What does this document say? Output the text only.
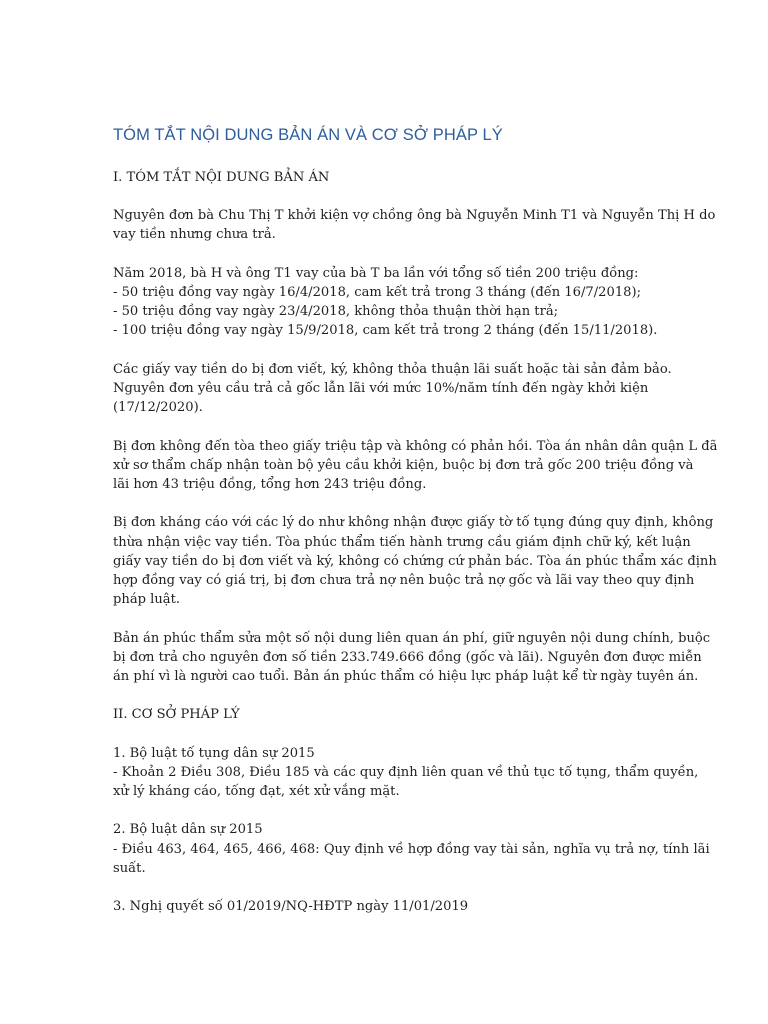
TÓM TẮT NỘI DUNG BẢN ÁN VÀ CƠ SỞ PHÁP LÝ
I. TÓM TẮT NỘI DUNG BẢN ÁN
Nguyên đơn bà Chu Thị T khởi kiện vợ chồng ông bà Nguyễn Minh T1 và Nguyễn Thị H do
vay tiền nhưng chưa trả.
Năm 2018, bà H và ông T1 vay của bà T ba lần với tổng số tiền 200 triệu đồng:
- 50 triệu đồng vay ngày 16/4/2018, cam kết trả trong 3 tháng (đến 16/7/2018);
- 50 triệu đồng vay ngày 23/4/2018, không thỏa thuận thời hạn trả;
- 100 triệu đồng vay ngày 15/9/2018, cam kết trả trong 2 tháng (đến 15/11/2018).
Các giấy vay tiền do bị đơn viết, ký, không thỏa thuận lãi suất hoặc tài sản đảm bảo.
Nguyên đơn yêu cầu trả cả gốc lẫn lãi với mức 10%/năm tính đến ngày khởi kiện
(17/12/2020).
Bị đơn không đến tòa theo giấy triệu tập và không có phản hồi. Tòa án nhân dân quận L đã
xử sơ thẩm chấp nhận toàn bộ yêu cầu khởi kiện, buộc bị đơn trả gốc 200 triệu đồng và
lãi hơn 43 triệu đồng, tổng hơn 243 triệu đồng.
Bị đơn kháng cáo với các lý do như không nhận được giấy tờ tố tụng đúng quy định, không
thừa nhận việc vay tiền. Tòa phúc thẩm tiến hành trưng cầu giám định chữ ký, kết luận
giấy vay tiền do bị đơn viết và ký, không có chứng cứ phản bác. Tòa án phúc thẩm xác định
hợp đồng vay có giá trị, bị đơn chưa trả nợ nên buộc trả nợ gốc và lãi vay theo quy định
pháp luật.
Bản án phúc thẩm sửa một số nội dung liên quan án phí, giữ nguyên nội dung chính, buộc
bị đơn trả cho nguyên đơn số tiền 233.749.666 đồng (gốc và lãi). Nguyên đơn được miễn
án phí vì là người cao tuổi. Bản án phúc thẩm có hiệu lực pháp luật kể từ ngày tuyên án.
II. CƠ SỞ PHÁP LÝ
1. Bộ luật tố tụng dân sự 2015
- Khoản 2 Điều 308, Điều 185 và các quy định liên quan về thủ tục tố tụng, thẩm quyền,
xử lý kháng cáo, tống đạt, xét xử vắng mặt.
2. Bộ luật dân sự 2015
- Điều 463, 464, 465, 466, 468: Quy định về hợp đồng vay tài sản, nghĩa vụ trả nợ, tính lãi
suất.
3. Nghị quyết số 01/2019/NQ-HĐTP ngày 11/01/2019
